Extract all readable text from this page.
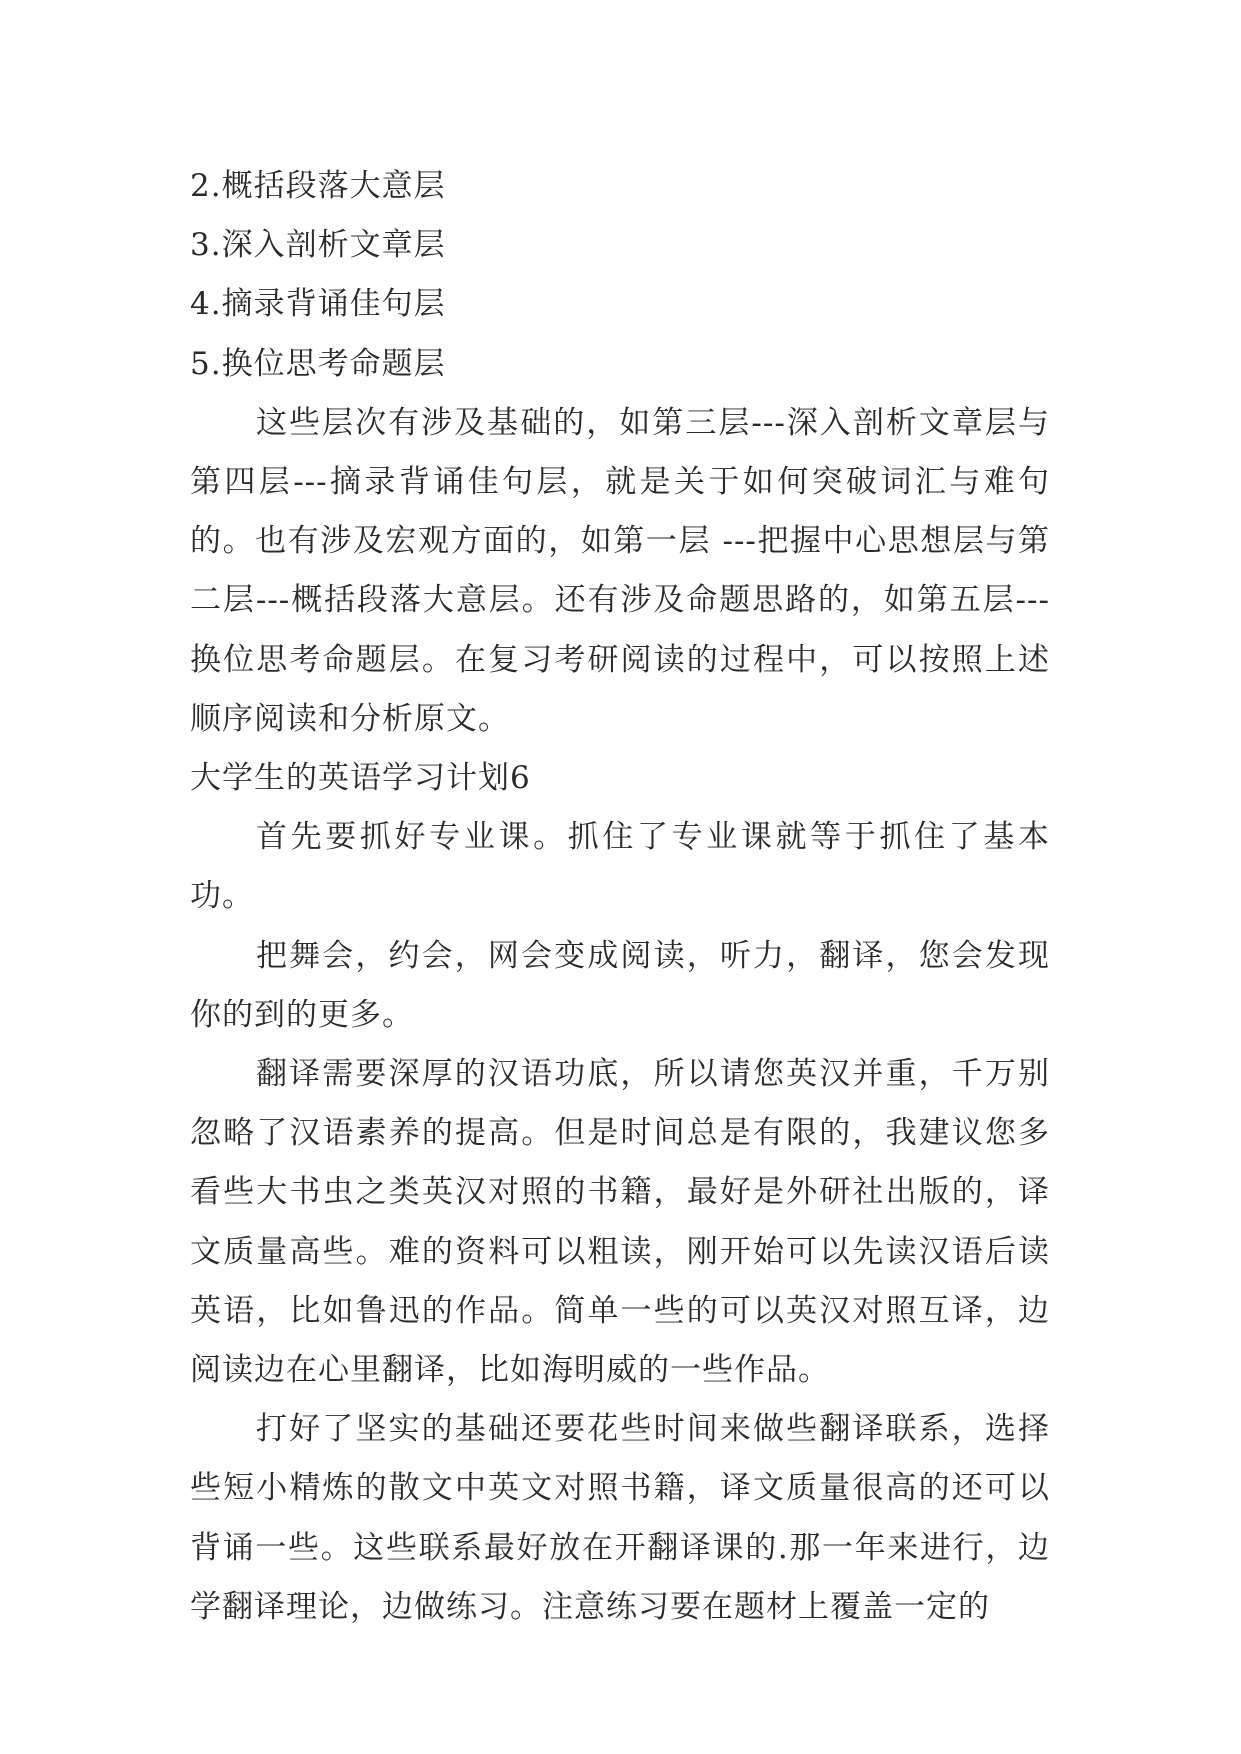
2.概括段落大意层

3.深入剖析文章层

4.摘录背诵佳句层

5.换位思考命题层

这些层次有涉及基础的，如第三层---深入剖析文章层与第四层---摘录背诵佳句层，就是关于如何突破词汇与难句的。也有涉及宏观方面的，如第一层 ---把握中心思想层与第二层---概括段落大意层。还有涉及命题思路的，如第五层---换位思考命题层。在复习考研阅读的过程中，可以按照上述顺序阅读和分析原文。

大学生的英语学习计划6

首先要抓好专业课。抓住了专业课就等于抓住了基本功。

把舞会，约会，网会变成阅读，听力，翻译，您会发现你的到的更多。

翻译需要深厚的汉语功底，所以请您英汉并重，千万别忽略了汉语素养的提高。但是时间总是有限的，我建议您多看些大书虫之类英汉对照的书籍，最好是外研社出版的，译文质量高些。难的资料可以粗读，刚开始可以先读汉语后读英语，比如鲁迅的作品。简单一些的可以英汉对照互译，边阅读边在心里翻译，比如海明威的一些作品。

打好了坚实的基础还要花些时间来做些翻译联系，选择些短小精炼的散文中英文对照书籍，译文质量很高的还可以背诵一些。这些联系最好放在开翻译课的.那一年来进行，边学翻译理论，边做练习。注意练习要在题材上覆盖一定的
